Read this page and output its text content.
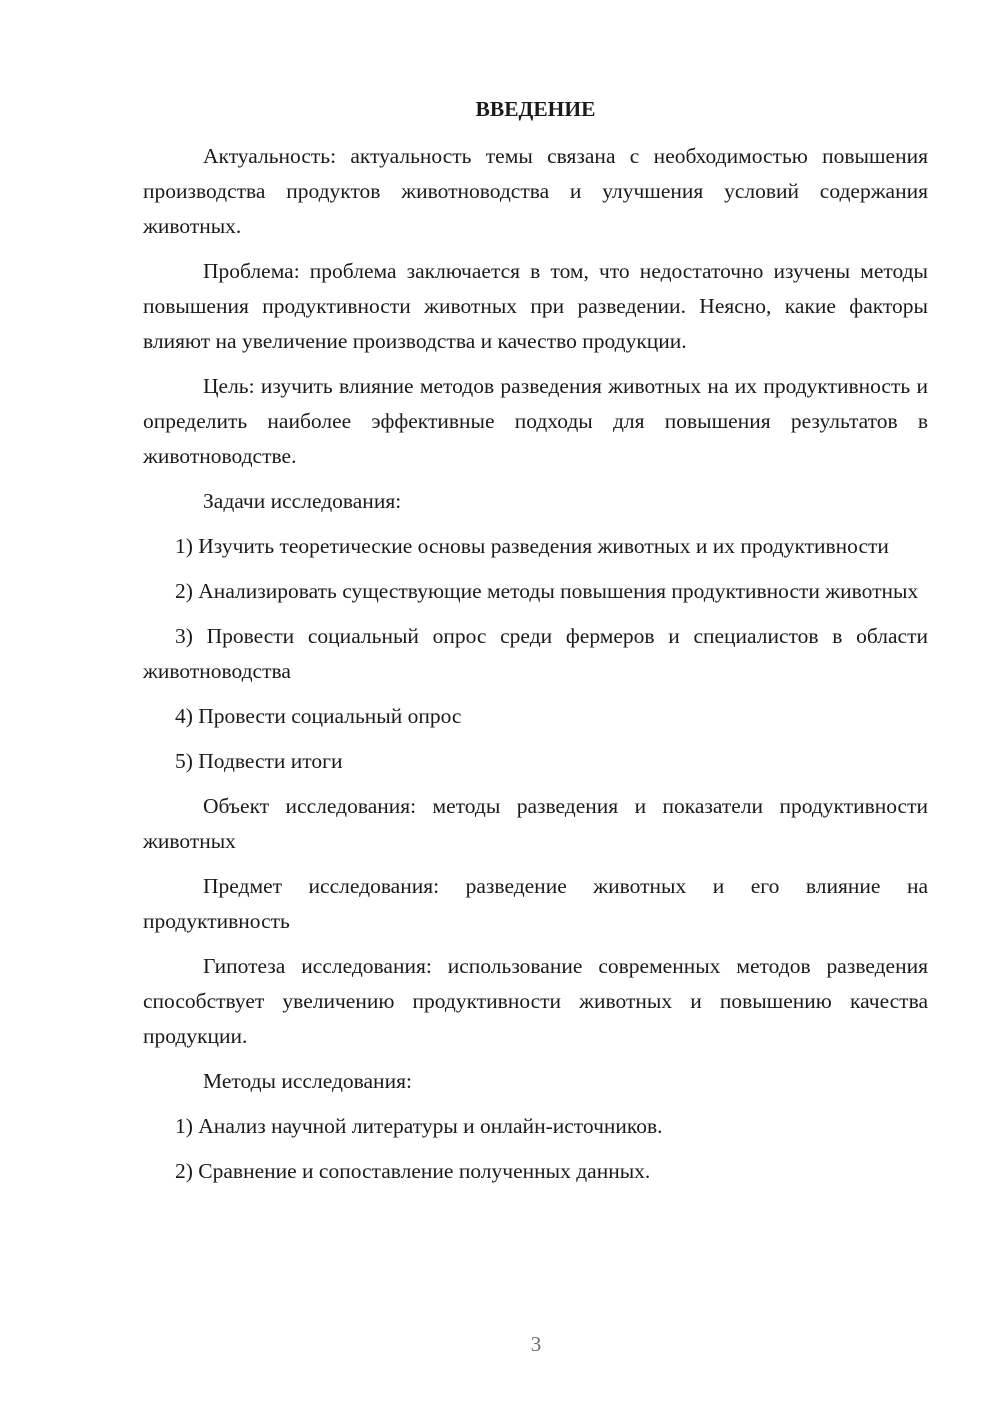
ВВЕДЕНИЕ

Актуальность: актуальность темы связана с необходимостью повышения производства продуктов животноводства и улучшения условий содержания животных.

Проблема: проблема заключается в том, что недостаточно изучены методы повышения продуктивности животных при разведении. Неясно, какие факторы влияют на увеличение производства и качество продукции.

Цель: изучить влияние методов разведения животных на их продуктивность и определить наиболее эффективные подходы для повышения результатов в животноводстве.

Задачи исследования:

1) Изучить теоретические основы разведения животных и их продуктивности

2) Анализировать существующие методы повышения продуктивности животных

3) Провести социальный опрос среди фермеров и специалистов в области животноводства

4) Провести социальный опрос

5) Подвести итоги

Объект исследования: методы разведения и показатели продуктивности животных

Предмет исследования: разведение животных и его влияние на продуктивность

Гипотеза исследования: использование современных методов разведения способствует увеличению продуктивности животных и повышению качества продукции.

Методы исследования:

1) Анализ научной литературы и онлайн-источников.

2) Сравнение и сопоставление полученных данных.

3
